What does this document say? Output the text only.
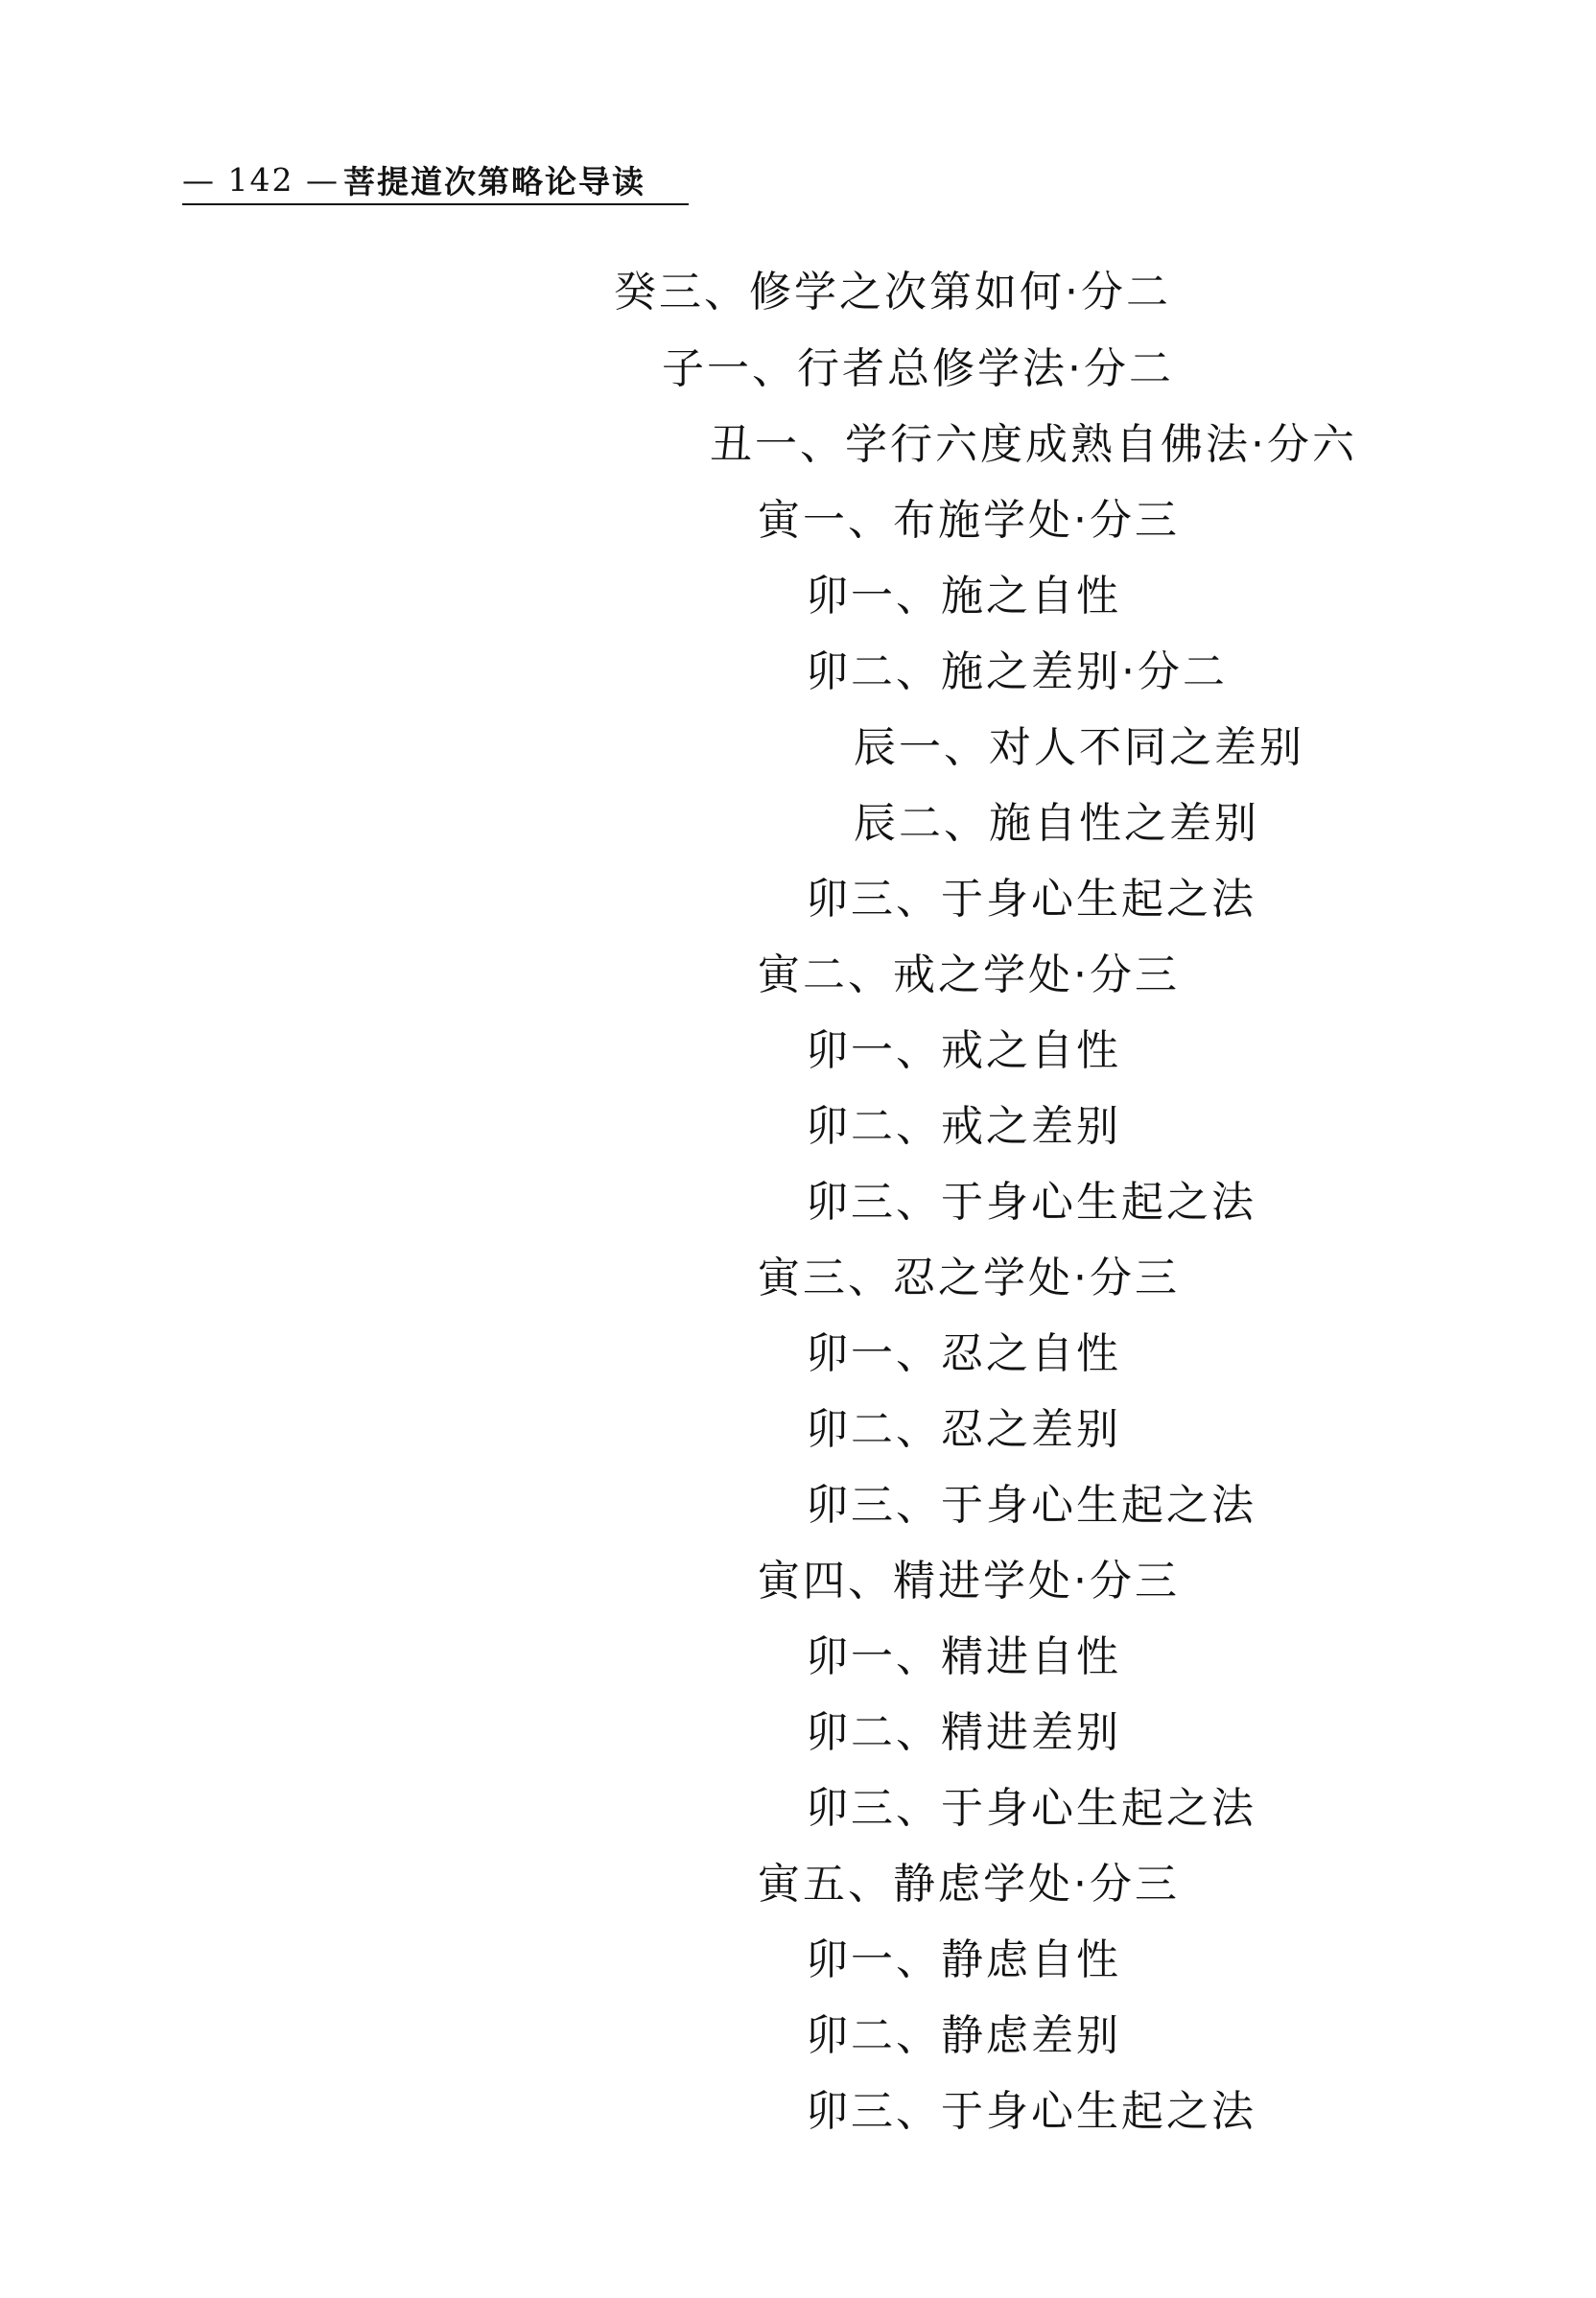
— 142 — 菩提道次第略论导读
癸三、修学之次第如何·分二
子一、行者总修学法·分二
丑一、学行六度成熟自佛法·分六
寅一、布施学处·分三
卯一、施之自性
卯二、施之差别·分二
辰一、对人不同之差别
辰二、施自性之差别
卯三、于身心生起之法
寅二、戒之学处·分三
卯一、戒之自性
卯二、戒之差别
卯三、于身心生起之法
寅三、忍之学处·分三
卯一、忍之自性
卯二、忍之差别
卯三、于身心生起之法
寅四、精进学处·分三
卯一、精进自性
卯二、精进差别
卯三、于身心生起之法
寅五、静虑学处·分三
卯一、静虑自性
卯二、静虑差别
卯三、于身心生起之法
